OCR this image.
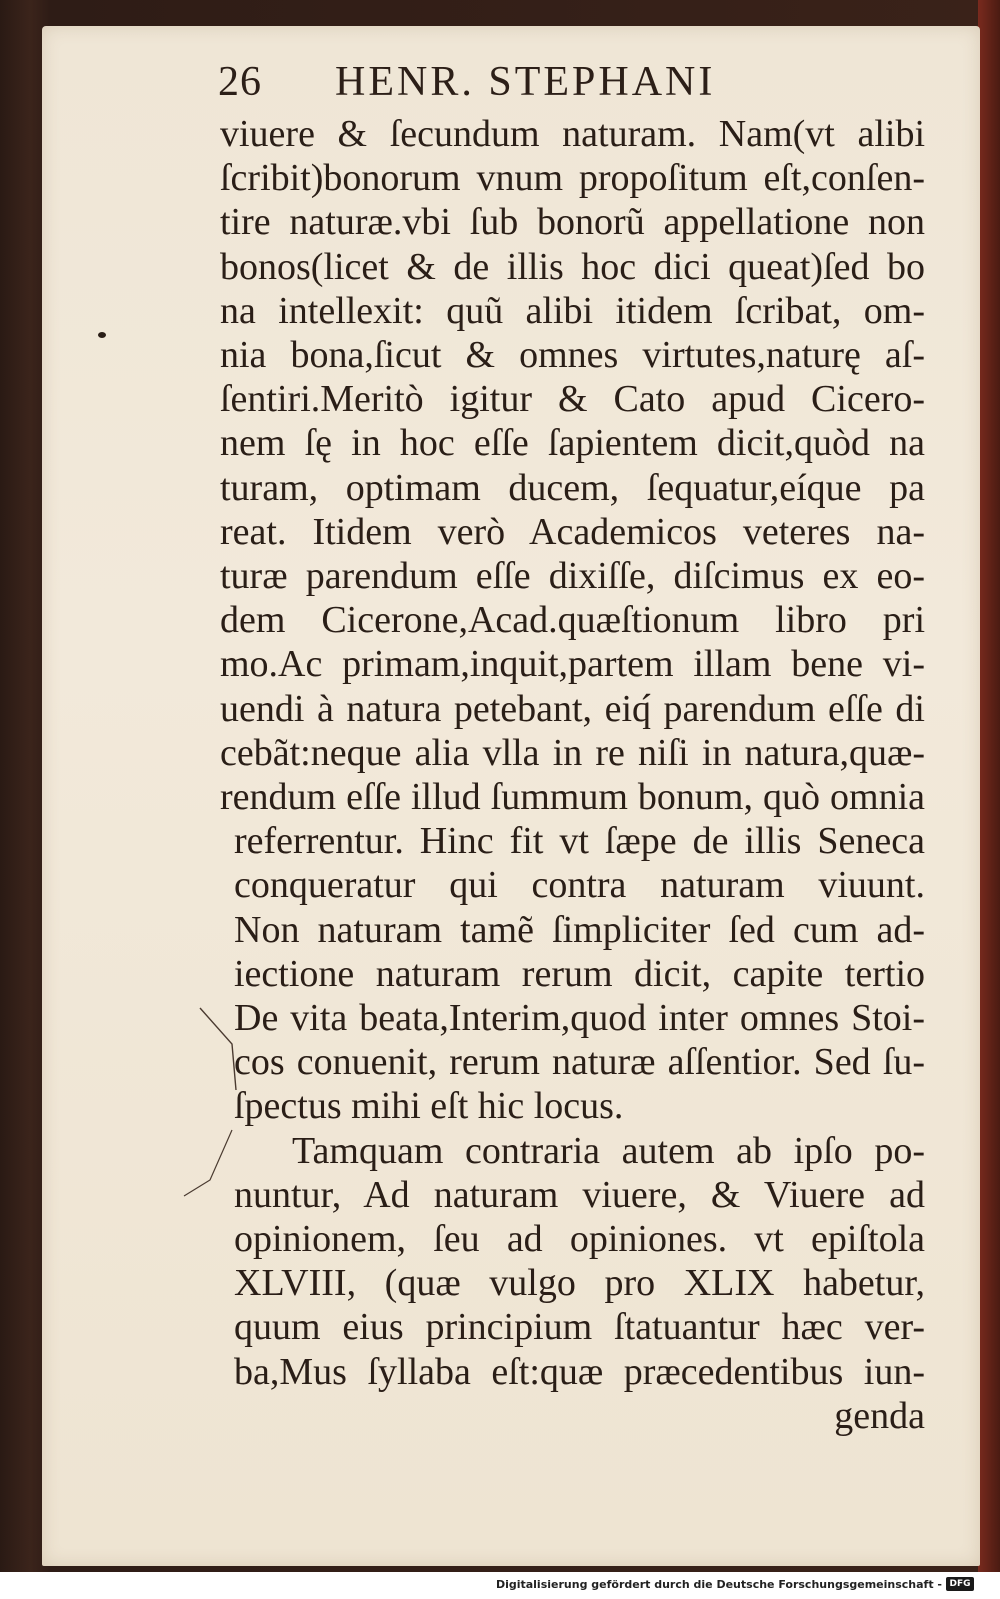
26 HENR. STEPHANI
viuere & ſecundum naturam. Nam(vt alibi
ſcribit)bonorum vnum propoſitum eſt,conſen-
tire naturæ.vbi ſub bonorũ appellatione non
bonos(licet & de illis hoc dici queat)ſed bo
na intellexit: quũ alibi itidem ſcribat, om-
nia bona,ſicut & omnes virtutes,naturę aſ-
ſentiri.Meritò igitur & Cato apud Cicero-
nem ſę in hoc eſſe ſapientem dicit,quòd na
turam, optimam ducem, ſequatur,eíque pa
reat. Itidem verò Academicos veteres na-
turæ parendum eſſe dixiſſe, diſcimus ex eo-
dem Cicerone,Acad.quæſtionum libro pri
mo.Ac primam,inquit,partem illam bene vi-
uendi à natura petebant, eiq́ parendum eſſe di
cebãt:neque alia vlla in re niſi in natura,quæ-
rendum eſſe illud ſummum bonum, quò omnia
referrentur. Hinc fit vt ſæpe de illis Seneca
conqueratur qui contra naturam viuunt.
Non naturam tamẽ ſimpliciter ſed cum ad-
iectione naturam rerum dicit, capite tertio
De vita beata,Interim,quod inter omnes Stoi-
cos conuenit, rerum naturæ aſſentior. Sed ſu-
ſpectus mihi eſt hic locus.
Tamquam contraria autem ab ipſo po-
nuntur, Ad naturam viuere, & Viuere ad
opinionem, ſeu ad opiniones. vt epiſtola
XLVIII, (quæ vulgo pro XLIX habetur,
quum eius principium ſtatuantur hæc ver-
ba,Mus ſyllaba eſt:quæ præcedentibus iun-
genda
Digitalisierung gefördert durch die Deutsche Forschungsgemeinschaft - DFG
